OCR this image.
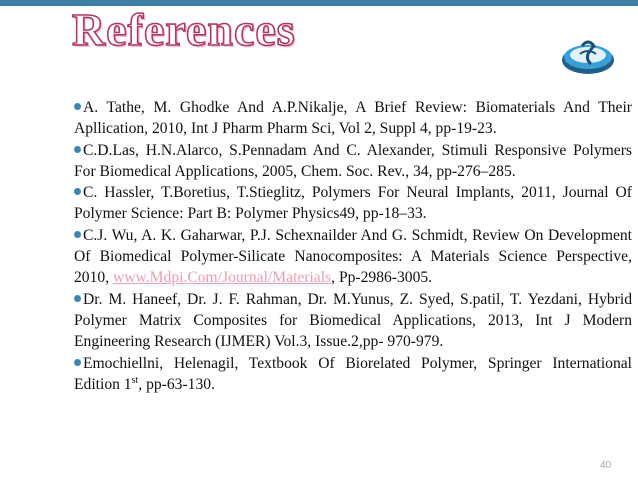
References

A. Tathe, M. Ghodke And A.P.Nikalje, A Brief Review: Biomaterials And Their Apllication, 2010, Int J Pharm Pharm Sci, Vol 2, Suppl 4, pp-19-23.

C.D.Las, H.N.Alarco, S.Pennadam And C. Alexander, Stimuli Responsive Polymers For Biomedical Applications, 2005, Chem. Soc. Rev., 34, pp-276–285.

C. Hassler, T.Boretius, T.Stieglitz, Polymers For Neural Implants, 2011, Journal Of Polymer Science: Part B: Polymer Physics49, pp-18–33.

C.J. Wu, A. K. Gaharwar, P.J. Schexnailder And G. Schmidt, Review On Development Of Biomedical Polymer-Silicate Nanocomposites: A Materials Science Perspective, 2010, www.Mdpi.Com/Journal/Materials, Pp-2986-3005.

Dr. M. Haneef, Dr. J. F. Rahman, Dr. M.Yunus, Z. Syed, S.patil, T. Yezdani, Hybrid Polymer Matrix Composites for Biomedical Applications, 2013, Int J Modern Engineering Research (IJMER) Vol.3, Issue.2,pp- 970-979.

Emochiellni, Helenagil, Textbook Of Biorelated Polymer, Springer International Edition 1st, pp-63-130.

40
